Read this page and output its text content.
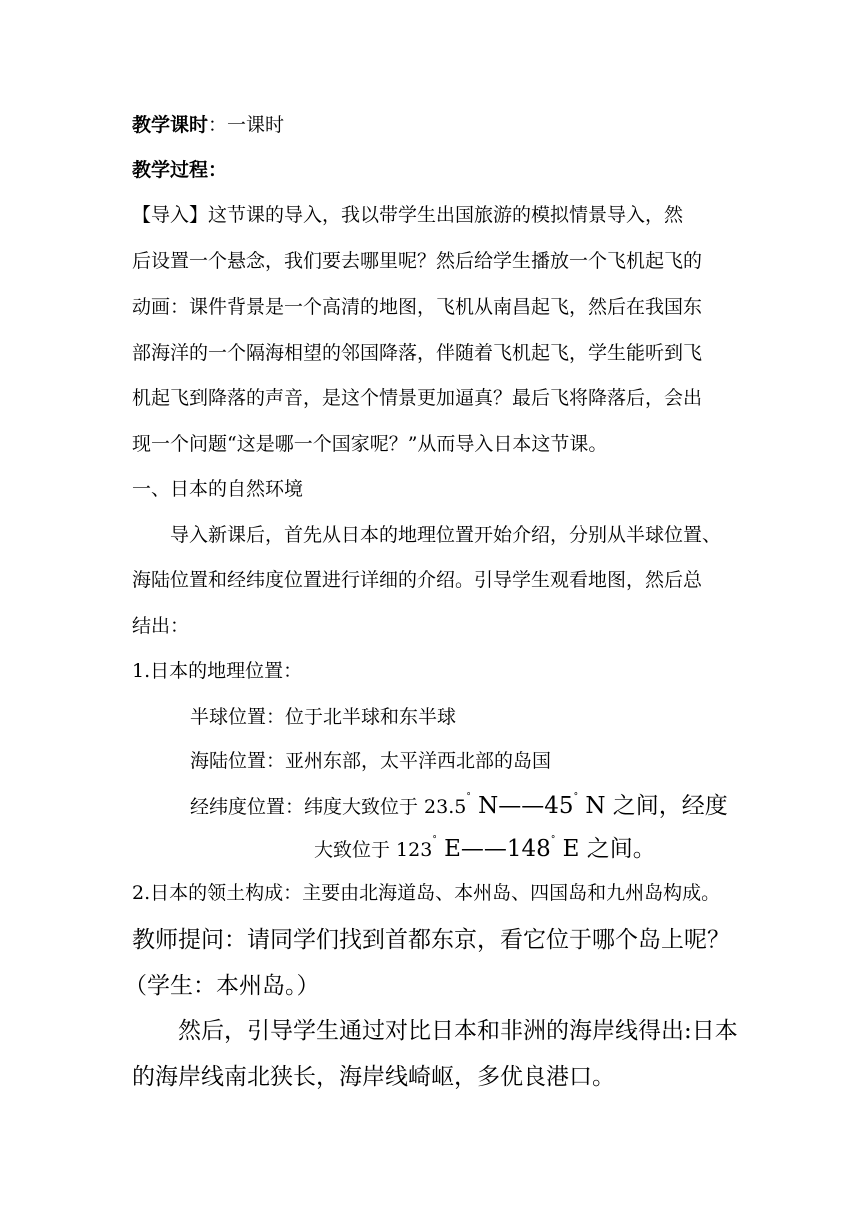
教学课时：一课时
教学过程：
【导入】这节课的导入，我以带学生出国旅游的模拟情景导入，然
后设置一个悬念，我们要去哪里呢？然后给学生播放一个飞机起飞的
动画：课件背景是一个高清的地图，飞机从南昌起飞，然后在我国东
部海洋的一个隔海相望的邻国降落，伴随着飞机起飞，学生能听到飞
机起飞到降落的声音，是这个情景更加逼真？最后飞将降落后，会出
现一个问题“这是哪一个国家呢？”从而导入日本这节课。
一、日本的自然环境
导入新课后，首先从日本的地理位置开始介绍，分别从半球位置、
海陆位置和经纬度位置进行详细的介绍。引导学生观看地图，然后总
结出：
1.日本的地理位置：
半球位置：位于北半球和东半球
海陆位置：亚州东部，太平洋西北部的岛国
经纬度位置：纬度大致位于 23.5° N——45° N 之间，经度
大致位于 123° E——148° E 之间。
2.日本的领土构成：主要由北海道岛、本州岛、四国岛和九州岛构成。
教师提问：请同学们找到首都东京，看它位于哪个岛上呢？
（学生：本州岛。）
然后，引导学生通过对比日本和非洲的海岸线得出:日本
的海岸线南北狭长，海岸线崎岖，多优良港口。
